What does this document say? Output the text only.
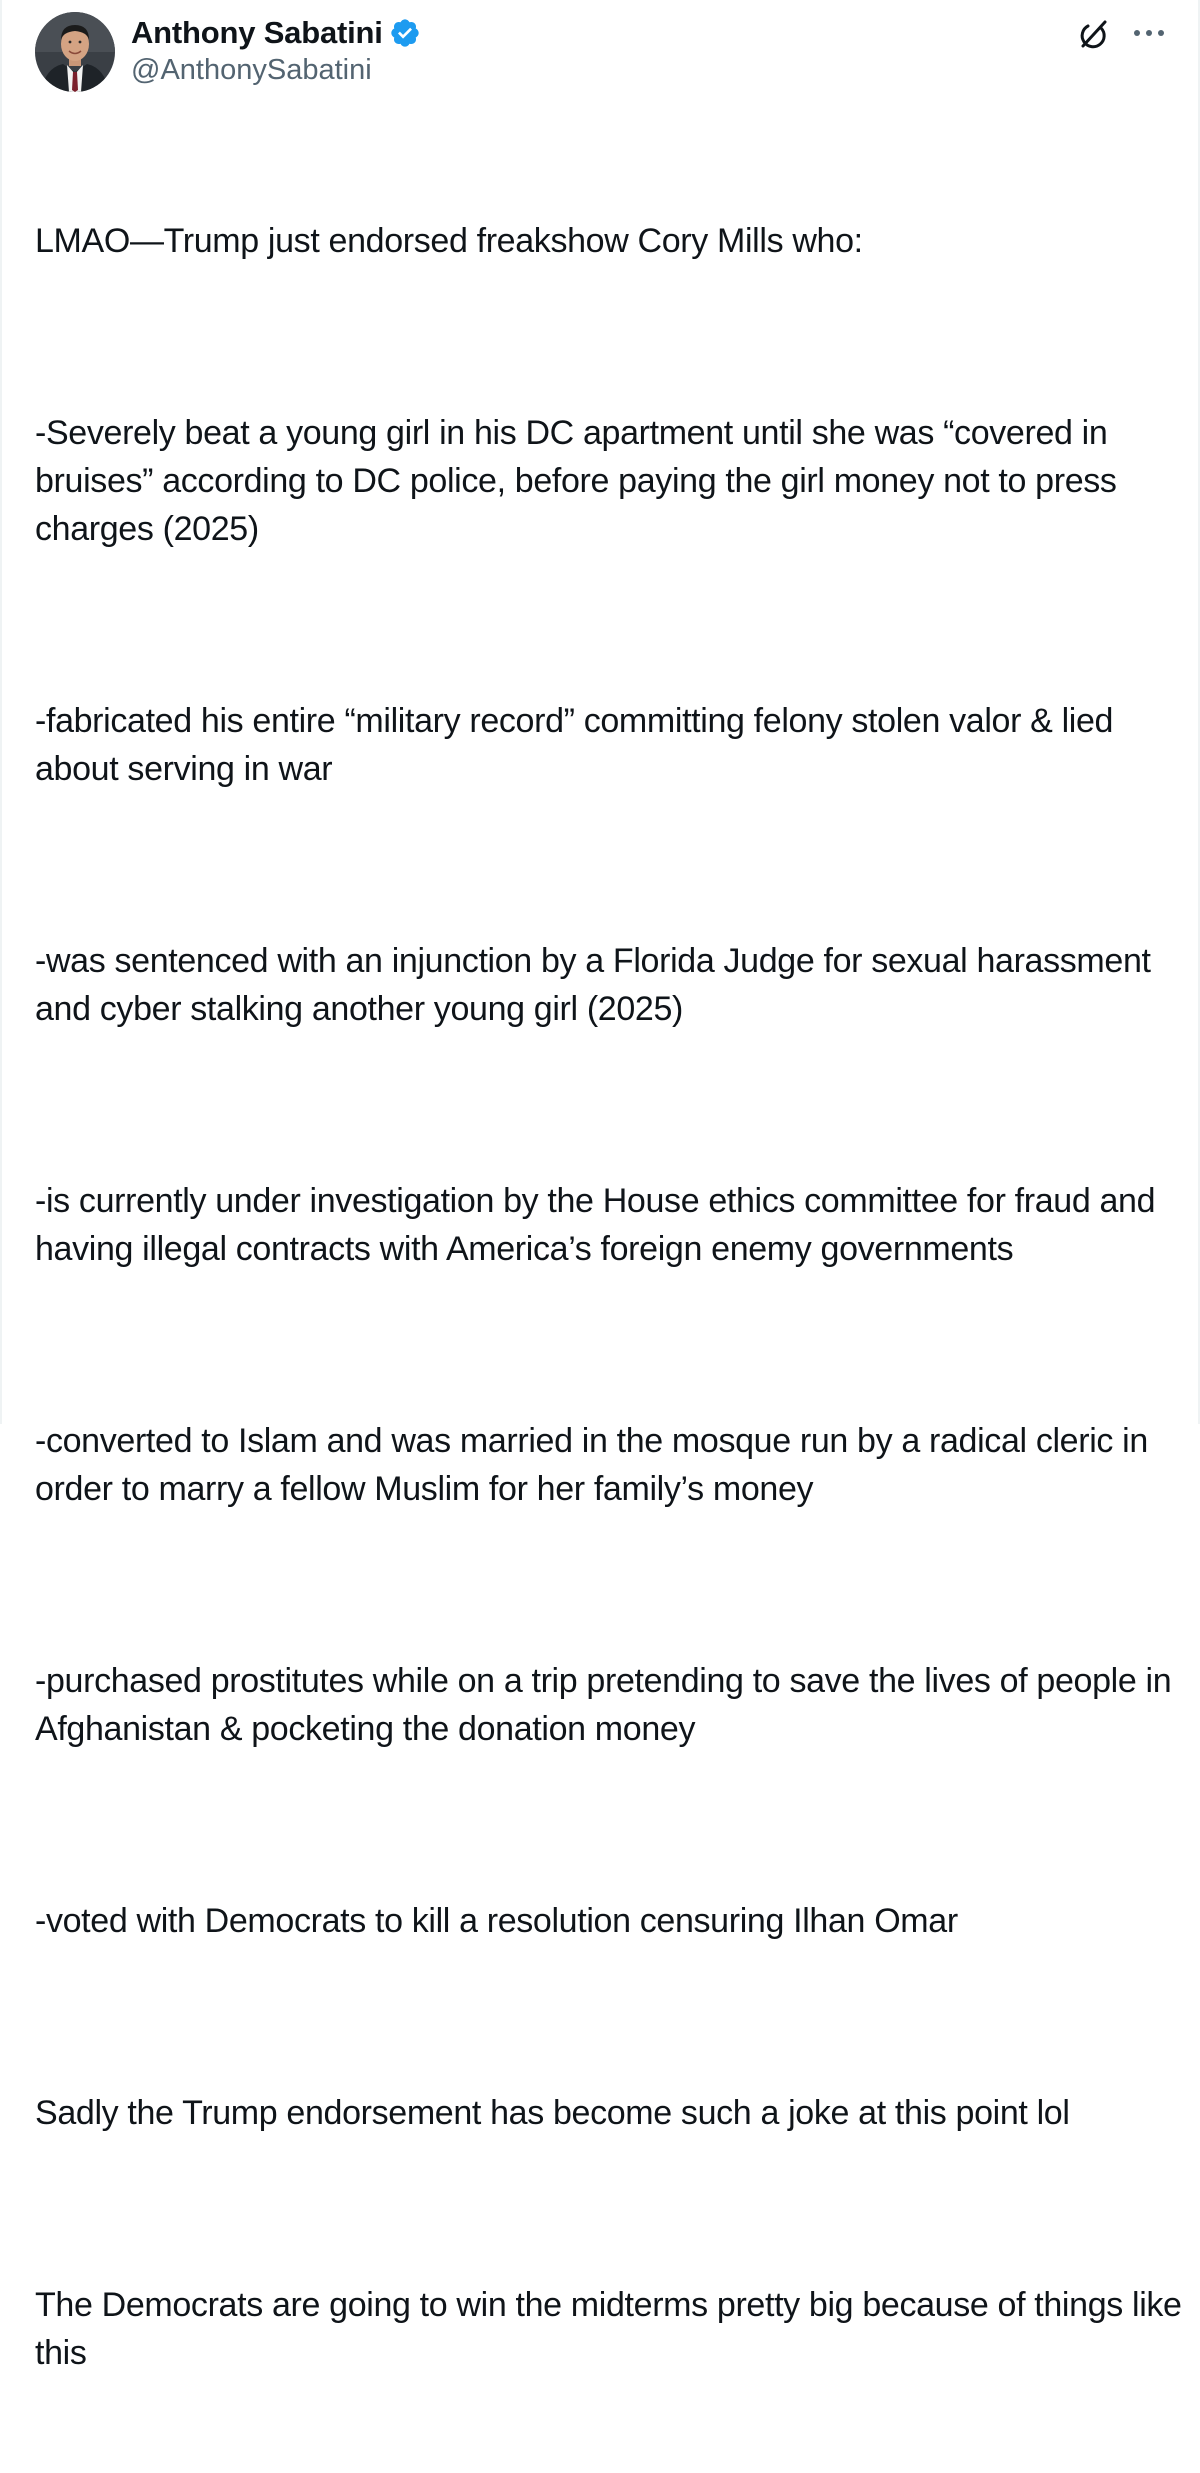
Anthony Sabatini
@AnthonySabatini

LMAO—Trump just endorsed freakshow Cory Mills who:

-Severely beat a young girl in his DC apartment until she was “covered in bruises” according to DC police, before paying the girl money not to press charges (2025)

-fabricated his entire “military record” committing felony stolen valor & lied about serving in war

-was sentenced with an injunction by a Florida Judge for sexual harassment and cyber stalking another young girl (2025)

-is currently under investigation by the House ethics committee for fraud and having illegal contracts with America’s foreign enemy governments

-converted to Islam and was married in the mosque run by a radical cleric in order to marry a fellow Muslim for her family’s money

-purchased prostitutes while on a trip pretending to save the lives of people in Afghanistan & pocketing the donation money

-voted with Democrats to kill a resolution censuring Ilhan Omar

Sadly the Trump endorsement has become such a joke at this point lol

The Democrats are going to win the midterms pretty big because of things like this
